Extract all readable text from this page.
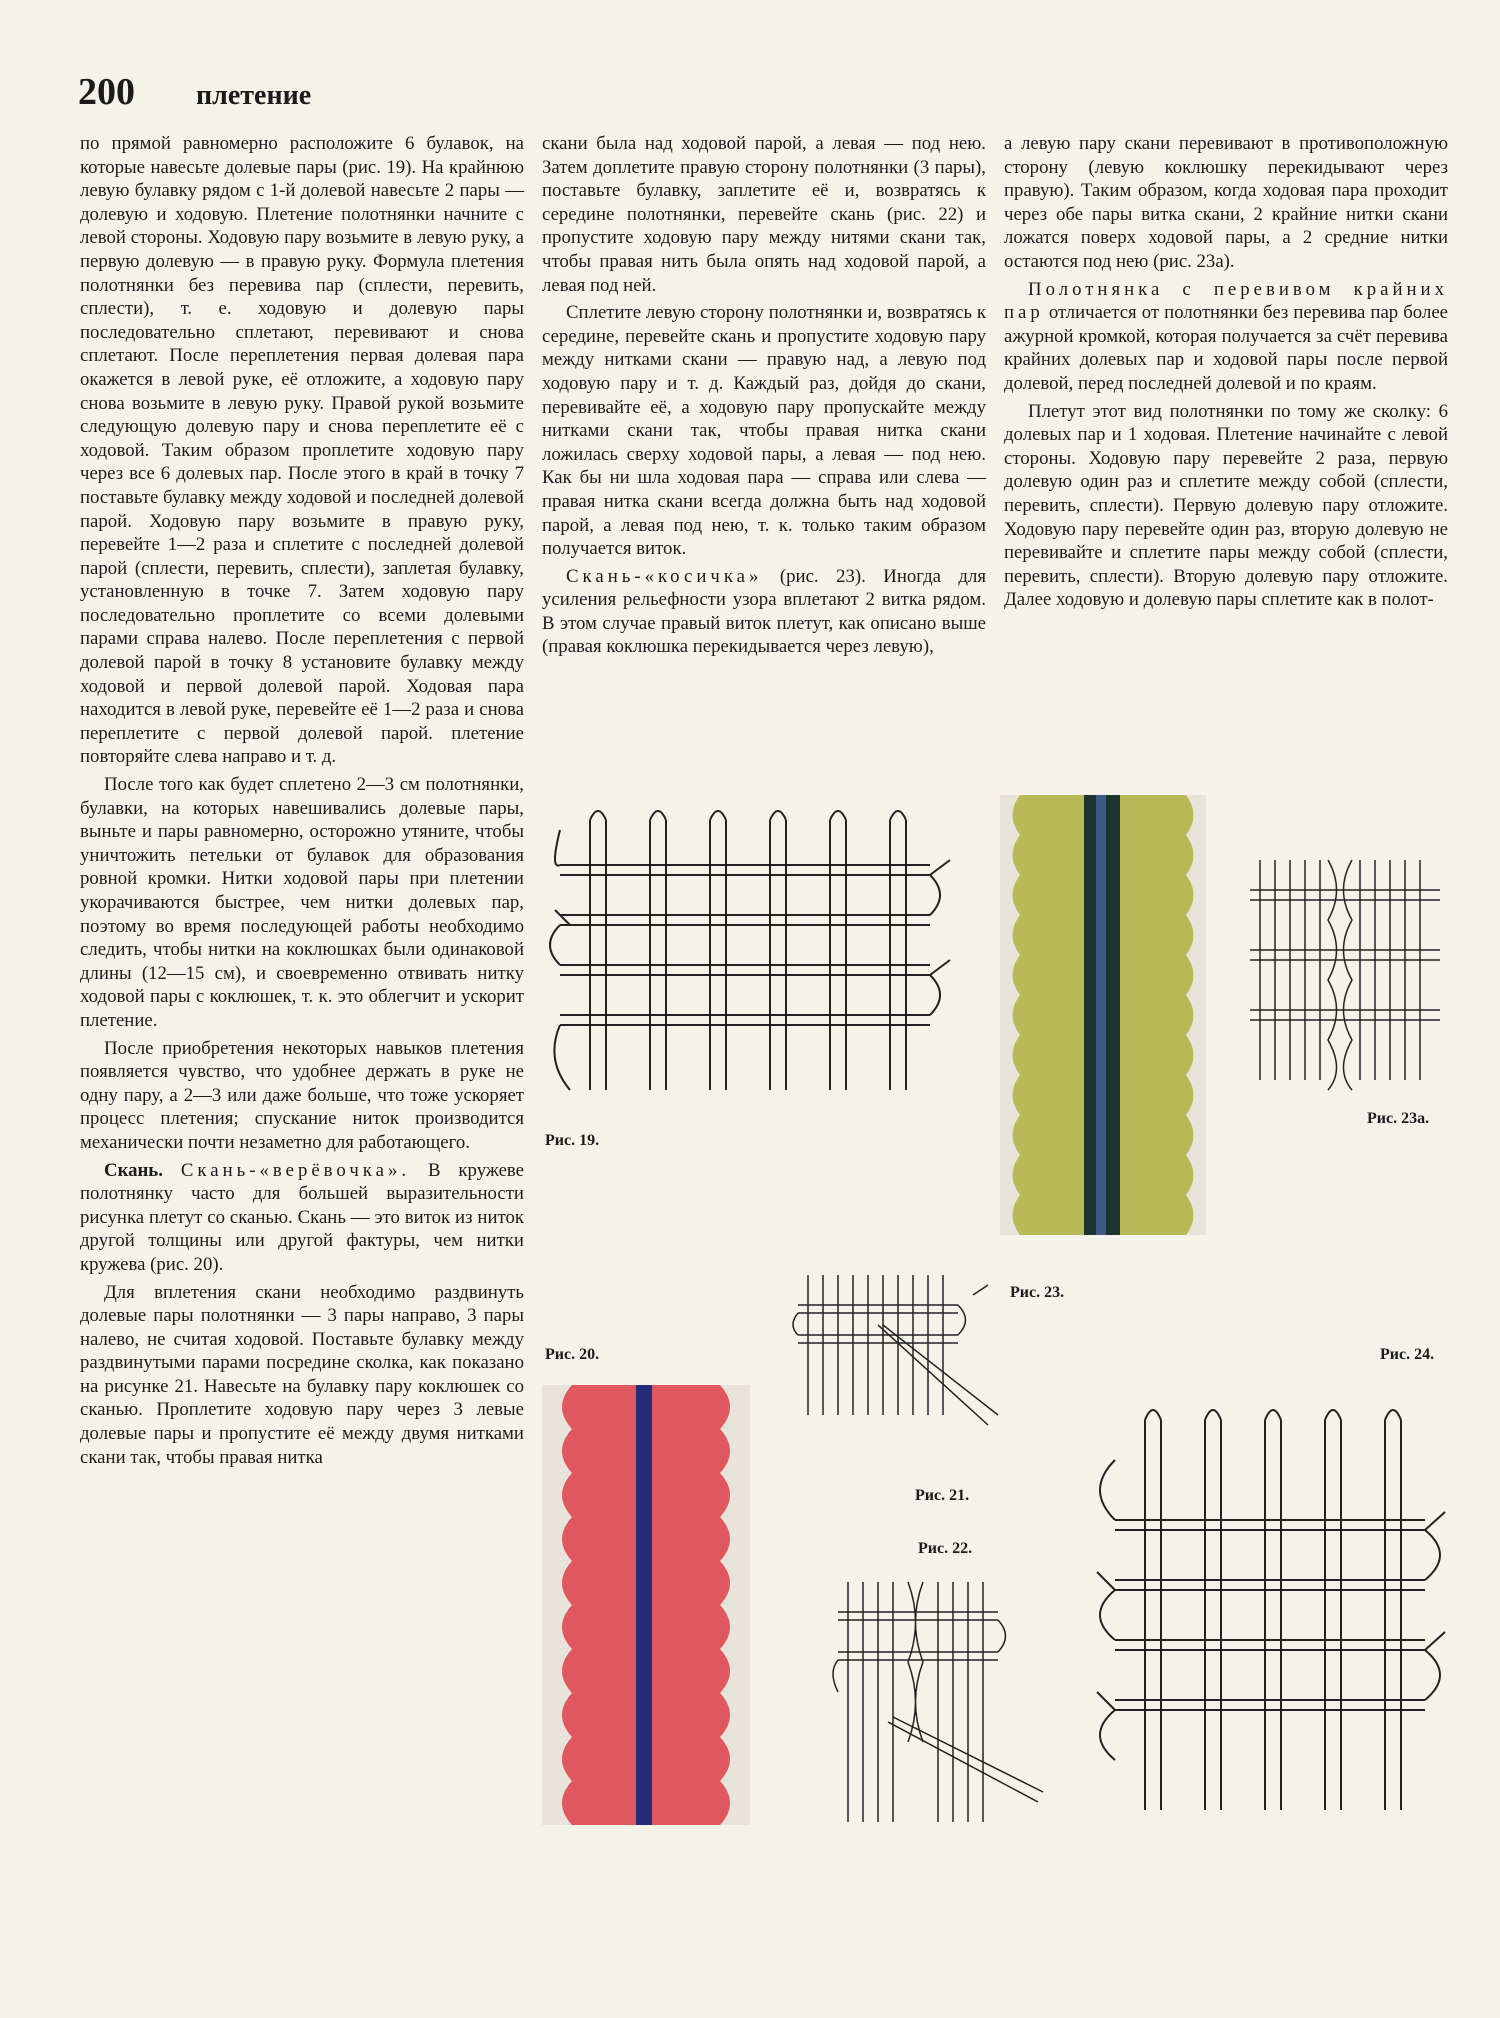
200 плетение

по прямой равномерно расположите 6 булавок, на которые навесьте долевые пары (рис. 19). На крайнюю левую булавку рядом с 1-й долевой навесьте 2 пары — долевую и ходовую. Плетение полотнянки начните с левой стороны. Ходовую пару возьмите в левую руку, а первую долевую — в правую руку. Формула плетения полотнянки без перевива пар (сплести, перевить, сплести), т. е. ходовую и долевую пары последовательно сплетают, перевивают и снова сплетают. После переплетения первая долевая пара окажется в левой руке, её отложите, а ходовую пару снова возьмите в левую руку. Правой рукой возьмите следующую долевую пару и снова переплетите её с ходовой. Таким образом проплетите ходовую пару через все 6 долевых пар. После этого в край в точку 7 поставьте булавку между ходовой и последней долевой парой. Ходовую пару возьмите в правую руку, перевейте 1—2 раза и сплетите с последней долевой парой (сплести, перевить, сплести), заплетая булавку, установленную в точке 7. Затем ходовую пару последовательно проплетите со всеми долевыми парами справа налево. После переплетения с первой долевой парой в точку 8 установите булавку между ходовой и первой долевой парой. Ходовая пара находится в левой руке, перевейте её 1—2 раза и снова переплетите с первой долевой парой. плетение повторяйте слева направо и т. д.

После того как будет сплетено 2—3 см полотнянки, булавки, на которых навешивались долевые пары, выньте и пары равномерно, осторожно утяните, чтобы уничтожить петельки от булавок для образования ровной кромки. Нитки ходовой пары при плетении укорачиваются быстрее, чем нитки долевых пар, поэтому во время последующей работы необходимо следить, чтобы нитки на коклюшках были одинаковой длины (12—15 см), и своевременно отвивать нитку ходовой пары с коклюшек, т. к. это облегчит и ускорит плетение.

После приобретения некоторых навыков плетения появляется чувство, что удобнее держать в руке не одну пару, а 2—3 или даже больше, что тоже ускоряет процесс плетения; спускание ниток производится механически почти незаметно для работающего.

Скань. Скань-«верёвочка». В кружеве полотнянку часто для большей выразительности рисунка плетут со сканью. Скань — это виток из ниток другой толщины или другой фактуры, чем нитки кружева (рис. 20).

Для вплетения скани необходимо раздвинуть долевые пары полотнянки — 3 пары направо, 3 пары налево, не считая ходовой. Поставьте булавку между раздвинутыми парами посредине сколка, как показано на рисунке 21. Навесьте на булавку пару коклюшек со сканью. Проплетите ходовую пару через 3 левые долевые пары и пропустите её между двумя нитками скани так, чтобы правая нитка

скани была над ходовой парой, а левая — под нею. Затем доплетите правую сторону полотнянки (3 пары), поставьте булавку, заплетите её и, возвратясь к середине полотнянки, перевейте скань (рис. 22) и пропустите ходовую пару между нитями скани так, чтобы правая нить была опять над ходовой парой, а левая под ней.

Сплетите левую сторону полотнянки и, возвратясь к середине, перевейте скань и пропустите ходовую пару между нитками скани — правую над, а левую под ходовую пару и т. д. Каждый раз, дойдя до скани, перевивайте её, а ходовую пару пропускайте между нитками скани так, чтобы правая нитка скани ложилась сверху ходовой пары, а левая — под нею. Как бы ни шла ходовая пара — справа или слева — правая нитка скани всегда должна быть над ходовой парой, а левая под нею, т. к. только таким образом получается виток.

Скань-«косичка» (рис. 23). Иногда для усиления рельефности узора вплетают 2 витка рядом. В этом случае правый виток плетут, как описано выше (правая коклюшка перекидывается через левую),

а левую пару скани перевивают в противоположную сторону (левую коклюшку перекидывают через правую). Таким образом, когда ходовая пара проходит через обе пары витка скани, 2 крайние нитки скани ложатся поверх ходовой пары, а 2 средние нитки остаются под нею (рис. 23а).

Полотнянка с перевивом крайних пар отличается от полотнянки без перевива пар более ажурной кромкой, которая получается за счёт перевива крайних долевых пар и ходовой пары после первой долевой, перед последней долевой и по краям.

Плетут этот вид полотнянки по тому же сколку: 6 долевых пар и 1 ходовая. Плетение начинайте с левой стороны. Ходовую пару перевейте 2 раза, первую долевую один раз и сплетите между собой (сплести, перевить, сплести). Первую долевую пару отложите. Ходовую пару перевейте один раз, вторую долевую не перевивайте и сплетите пары между собой (сплести, перевить, сплести). Вторую долевую пару отложите. Далее ходовую и долевую пары сплетите как в полот-

Рис. 19.
Рис. 23.
Рис. 23а.
Рис. 20.
Рис. 21.
Рис. 22.
Рис. 24.
